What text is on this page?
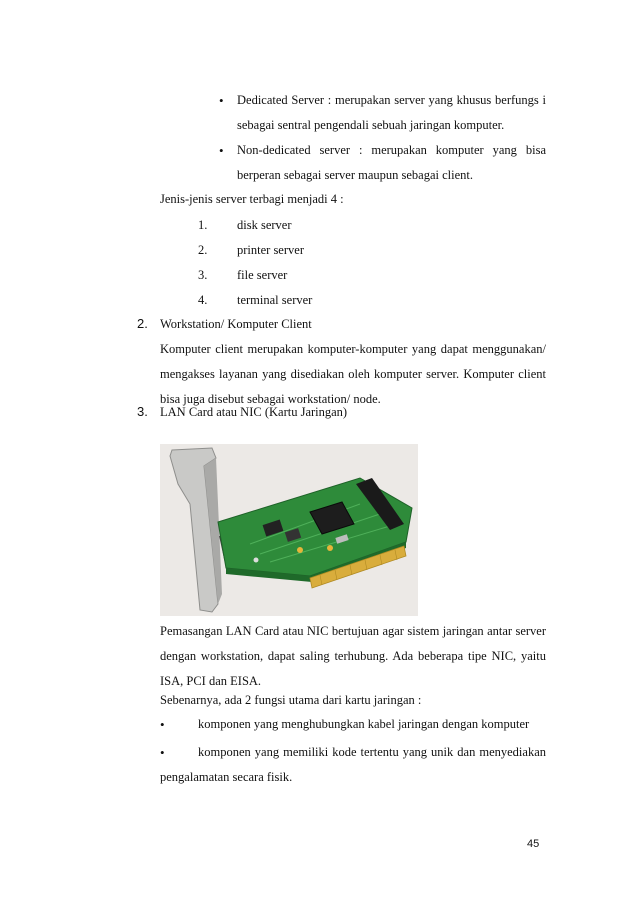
• Dedicated Server : merupakan server yang khusus berfungs i
sebagai sentral pengendali sebuah jaringan komputer.
• Non-dedicated server : merupakan komputer yang bisa
berperan sebagai server maupun sebagai client.
Jenis-jenis server terbagi menjadi 4 :
1. disk server
2. printer server
3. file server
4. terminal server
2. Workstation/ Komputer Client
Komputer client merupakan komputer-komputer yang dapat menggunakan/
mengakses layanan yang disediakan oleh komputer server. Komputer client
bisa juga disebut sebagai workstation/ node.
3. LAN Card atau NIC (Kartu Jaringan)
Pemasangan LAN Card atau NIC bertujuan agar sistem jaringan antar server
dengan workstation, dapat saling terhubung. Ada beberapa tipe NIC, yaitu
ISA, PCI dan EISA.
Sebenarnya, ada 2 fungsi utama dari kartu jaringan :
•	komponen yang menghubungkan kabel jaringan dengan komputer
•	komponen yang memiliki kode tertentu yang unik dan menyediakan
pengalamatan secara fisik.
45
